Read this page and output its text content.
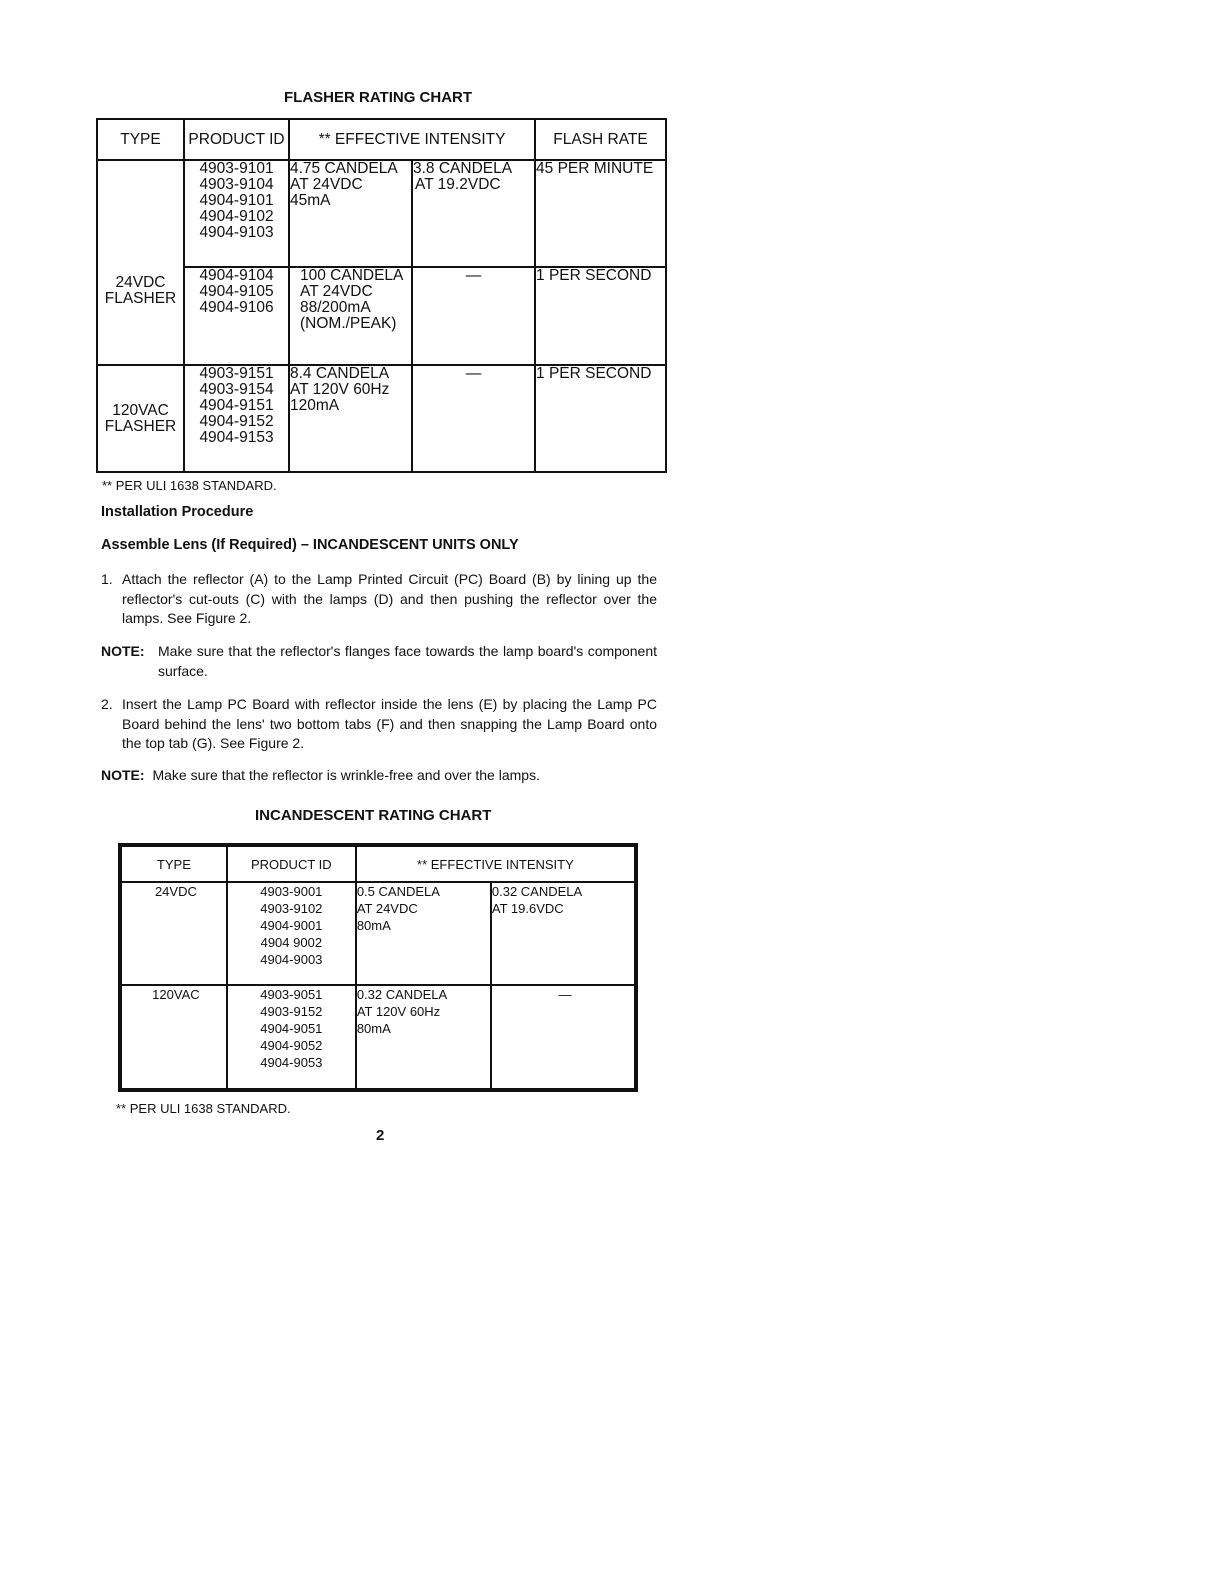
FLASHER RATING CHART
TYPE	PRODUCT ID	** EFFECTIVE INTENSITY		FLASH RATE

24VDC
FLASHER	4903-9101
4903-9104
4904-9101
4904-9102
4904-9103	4.75 CANDELA
AT 24VDC
45mA	3.8 CANDELA
AT 19.2VDC	45 PER MINUTE

	4904-9104
4904-9105
4904-9106	100 CANDELA
AT 24VDC
88/200mA
(NOM./PEAK)	—	1 PER SECOND

120VAC
FLASHER	4903-9151
4903-9154
4904-9151
4904-9152
4904-9153	8.4 CANDELA
AT 120V 60Hz
120mA	—	1 PER SECOND
** PER ULI 1638 STANDARD.
Installation Procedure
Assemble Lens (If Required) – INCANDESCENT UNITS ONLY
1. Attach the reflector (A) to the Lamp Printed Circuit (PC) Board (B) by lining up the reflector's cut-outs (C) with the lamps (D) and then pushing the reflector over the lamps. See Figure 2.
NOTE: Make sure that the reflector's flanges face towards the lamp board's component surface.
2. Insert the Lamp PC Board with reflector inside the lens (E) by placing the Lamp PC Board behind the lens' two bottom tabs (F) and then snapping the Lamp Board onto the top tab (G). See Figure 2.
NOTE: Make sure that the reflector is wrinkle-free and over the lamps.
INCANDESCENT RATING CHART
TYPE	PRODUCT ID	** EFFECTIVE INTENSITY	

24VDC	4903-9001
4903-9102
4904-9001
4904 9002
4904-9003	0.5 CANDELA
AT 24VDC
80mA	0.32 CANDELA
AT 19.6VDC

120VAC	4903-9051
4903-9152
4904-9051
4904-9052
4904-9053	0.32 CANDELA
AT 120V 60Hz
80mA	—
** PER ULI 1638 STANDARD.
2
